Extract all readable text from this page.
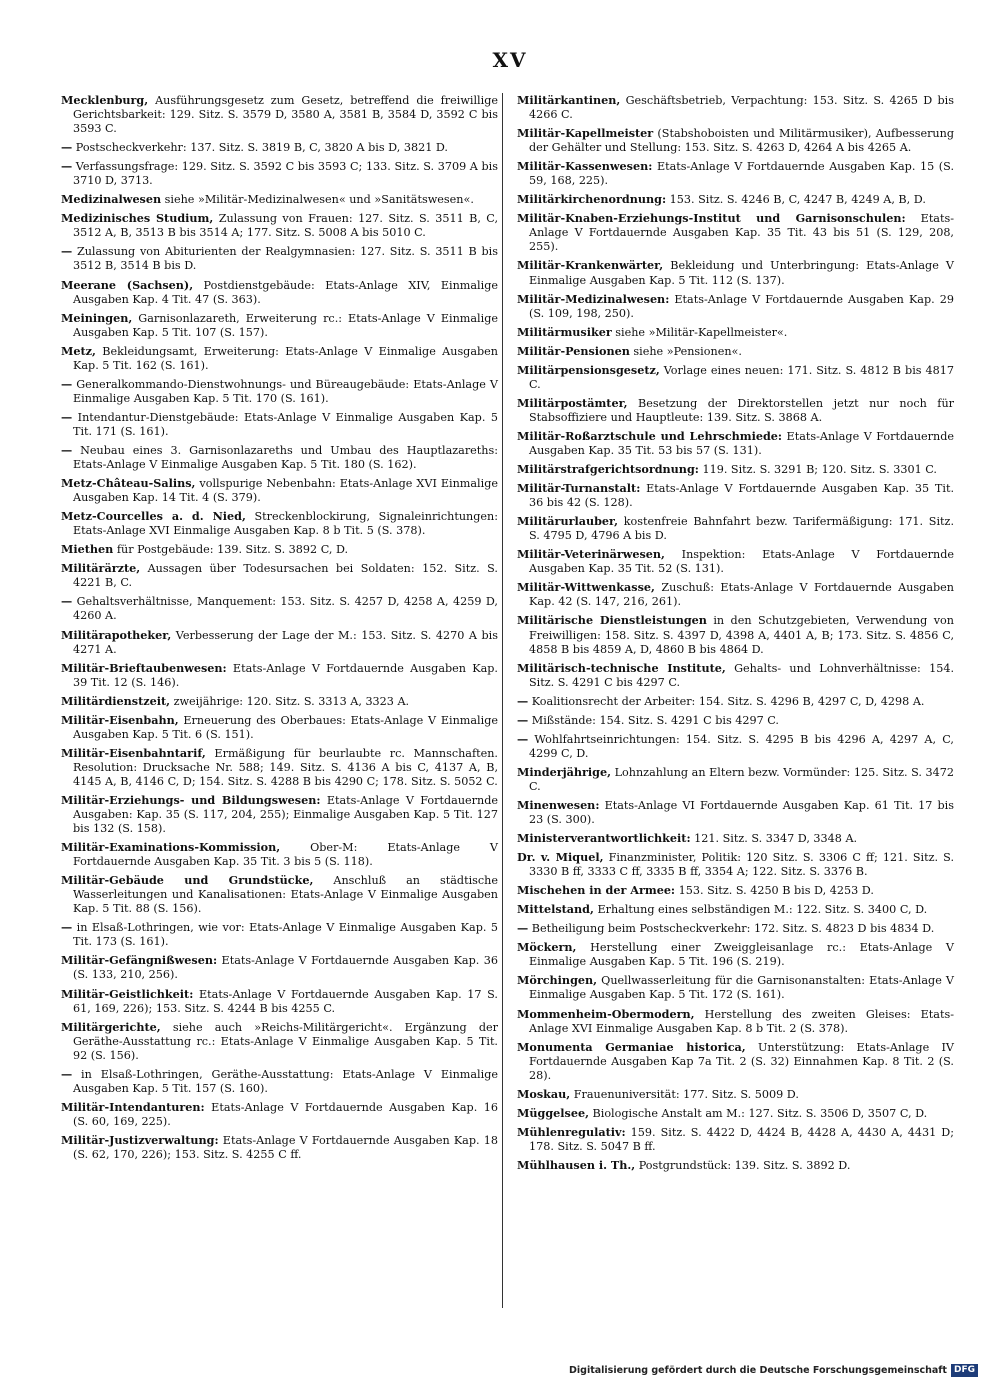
XV

Mecklenburg, Ausführungsgesetz zum Gesetz, betreffend die freiwillige Gerichtsbarkeit: 129. Sitz. S. 3579 D, 3580 A, 3581 B, 3584 D, 3592 C bis 3593 C.

— Postscheckverkehr: 137. Sitz. S. 3819 B, C, 3820 A bis D, 3821 D.

— Verfassungsfrage: 129. Sitz. S. 3592 C bis 3593 C; 133. Sitz. S. 3709 A bis 3710 D, 3713.

Medizinalwesen siehe »Militär-Medizinalwesen« und »Sanitätswesen«.

Medizinisches Studium, Zulassung von Frauen: 127. Sitz. S. 3511 B, C, 3512 A, B, 3513 B bis 3514 A; 177. Sitz. S. 5008 A bis 5010 C.

— Zulassung von Abiturienten der Realgymnasien: 127. Sitz. S. 3511 B bis 3512 B, 3514 B bis D.

Meerane (Sachsen), Postdienstgebäude: Etats-Anlage XIV, Einmalige Ausgaben Kap. 4 Tit. 47 (S. 363).

Meiningen, Garnisonlazareth, Erweiterung rc.: Etats-Anlage V Einmalige Ausgaben Kap. 5 Tit. 107 (S. 157).

Metz, Bekleidungsamt, Erweiterung: Etats-Anlage V Einmalige Ausgaben Kap. 5 Tit. 162 (S. 161).

— Generalkommando-Dienstwohnungs- und Büreaugebäude: Etats-Anlage V Einmalige Ausgaben Kap. 5 Tit. 170 (S. 161).

— Intendantur-Dienstgebäude: Etats-Anlage V Einmalige Ausgaben Kap. 5 Tit. 171 (S. 161).

— Neubau eines 3. Garnisonlazareths und Umbau des Hauptlazareths: Etats-Anlage V Einmalige Ausgaben Kap. 5 Tit. 180 (S. 162).

Metz-Château-Salins, vollspurige Nebenbahn: Etats-Anlage XVI Einmalige Ausgaben Kap. 14 Tit. 4 (S. 379).

Metz-Courcelles a. d. Nied, Streckenblockirung, Signaleinrichtungen: Etats-Anlage XVI Einmalige Ausgaben Kap. 8 b Tit. 5 (S. 378).

Miethen für Postgebäude: 139. Sitz. S. 3892 C, D.

Militärärzte, Aussagen über Todesursachen bei Soldaten: 152. Sitz. S. 4221 B, C.

— Gehaltsverhältnisse, Manquement: 153. Sitz. S. 4257 D, 4258 A, 4259 D, 4260 A.

Militärapotheker, Verbesserung der Lage der M.: 153. Sitz. S. 4270 A bis 4271 A.

Militär-Brieftaubenwesen: Etats-Anlage V Fortdauernde Ausgaben Kap. 39 Tit. 12 (S. 146).

Militärdienstzeit, zweijährige: 120. Sitz. S. 3313 A, 3323 A.

Militär-Eisenbahn, Erneuerung des Oberbaues: Etats-Anlage V Einmalige Ausgaben Kap. 5 Tit. 6 (S. 151).

Militär-Eisenbahntarif, Ermäßigung für beurlaubte rc. Mannschaften. Resolution: Drucksache Nr. 588; 149. Sitz. S. 4136 A bis C, 4137 A, B, 4145 A, B, 4146 C, D; 154. Sitz. S. 4288 B bis 4290 C; 178. Sitz. S. 5052 C.

Militär-Erziehungs- und Bildungswesen: Etats-Anlage V Fortdauernde Ausgaben: Kap. 35 (S. 117, 204, 255); Einmalige Ausgaben Kap. 5 Tit. 127 bis 132 (S. 158).

Militär-Examinations-Kommission, Ober-M: Etats-Anlage V Fortdauernde Ausgaben Kap. 35 Tit. 3 bis 5 (S. 118).

Militär-Gebäude und Grundstücke, Anschluß an städtische Wasserleitungen und Kanalisationen: Etats-Anlage V Einmalige Ausgaben Kap. 5 Tit. 88 (S. 156).

— in Elsaß-Lothringen, wie vor: Etats-Anlage V Einmalige Ausgaben Kap. 5 Tit. 173 (S. 161).

Militär-Gefängnißwesen: Etats-Anlage V Fortdauernde Ausgaben Kap. 36 (S. 133, 210, 256).

Militär-Geistlichkeit: Etats-Anlage V Fortdauernde Ausgaben Kap. 17 S. 61, 169, 226); 153. Sitz. S. 4244 B bis 4255 C.

Militärgerichte, siehe auch »Reichs-Militärgericht«. Ergänzung der Geräthe-Ausstattung rc.: Etats-Anlage V Einmalige Ausgaben Kap. 5 Tit. 92 (S. 156).

— in Elsaß-Lothringen, Geräthe-Ausstattung: Etats-Anlage V Einmalige Ausgaben Kap. 5 Tit. 157 (S. 160).

Militär-Intendanturen: Etats-Anlage V Fortdauernde Ausgaben Kap. 16 (S. 60, 169, 225).

Militär-Justizverwaltung: Etats-Anlage V Fortdauernde Ausgaben Kap. 18 (S. 62, 170, 226); 153. Sitz. S. 4255 C ff.

Militärkantinen, Geschäftsbetrieb, Verpachtung: 153. Sitz. S. 4265 D bis 4266 C.

Militär-Kapellmeister (Stabshoboisten und Militärmusiker), Aufbesserung der Gehälter und Stellung: 153. Sitz. S. 4263 D, 4264 A bis 4265 A.

Militär-Kassenwesen: Etats-Anlage V Fortdauernde Ausgaben Kap. 15 (S. 59, 168, 225).

Militärkirchenordnung: 153. Sitz. S. 4246 B, C, 4247 B, 4249 A, B, D.

Militär-Knaben-Erziehungs-Institut und Garnisonschulen: Etats-Anlage V Fortdauernde Ausgaben Kap. 35 Tit. 43 bis 51 (S. 129, 208, 255).

Militär-Krankenwärter, Bekleidung und Unterbringung: Etats-Anlage V Einmalige Ausgaben Kap. 5 Tit. 112 (S. 137).

Militär-Medizinalwesen: Etats-Anlage V Fortdauernde Ausgaben Kap. 29 (S. 109, 198, 250).

Militärmusiker siehe »Militär-Kapellmeister«.

Militär-Pensionen siehe »Pensionen«.

Militärpensionsgesetz, Vorlage eines neuen: 171. Sitz. S. 4812 B bis 4817 C.

Militärpostämter, Besetzung der Direktorstellen jetzt nur noch für Stabsoffiziere und Hauptleute: 139. Sitz. S. 3868 A.

Militär-Roßarztschule und Lehrschmiede: Etats-Anlage V Fortdauernde Ausgaben Kap. 35 Tit. 53 bis 57 (S. 131).

Militärstrafgerichtsordnung: 119. Sitz. S. 3291 B; 120. Sitz. S. 3301 C.

Militär-Turnanstalt: Etats-Anlage V Fortdauernde Ausgaben Kap. 35 Tit. 36 bis 42 (S. 128).

Militärurlauber, kostenfreie Bahnfahrt bezw. Tarifermäßigung: 171. Sitz. S. 4795 D, 4796 A bis D.

Militär-Veterinärwesen, Inspektion: Etats-Anlage V Fortdauernde Ausgaben Kap. 35 Tit. 52 (S. 131).

Militär-Wittwenkasse, Zuschuß: Etats-Anlage V Fortdauernde Ausgaben Kap. 42 (S. 147, 216, 261).

Militärische Dienstleistungen in den Schutzgebieten, Verwendung von Freiwilligen: 158. Sitz. S. 4397 D, 4398 A, 4401 A, B; 173. Sitz. S. 4856 C, 4858 B bis 4859 A, D, 4860 B bis 4864 D.

Militärisch-technische Institute, Gehalts- und Lohnverhältnisse: 154. Sitz. S. 4291 C bis 4297 C.

— Koalitionsrecht der Arbeiter: 154. Sitz. S. 4296 B, 4297 C, D, 4298 A.

— Mißstände: 154. Sitz. S. 4291 C bis 4297 C.

— Wohlfahrtseinrichtungen: 154. Sitz. S. 4295 B bis 4296 A, 4297 A, C, 4299 C, D.

Minderjährige, Lohnzahlung an Eltern bezw. Vormünder: 125. Sitz. S. 3472 C.

Minenwesen: Etats-Anlage VI Fortdauernde Ausgaben Kap. 61 Tit. 17 bis 23 (S. 300).

Ministerverantwortlichkeit: 121. Sitz. S. 3347 D, 3348 A.

Dr. v. Miquel, Finanzminister, Politik: 120 Sitz. S. 3306 C ff; 121. Sitz. S. 3330 B ff, 3333 C ff, 3335 B ff, 3354 A; 122. Sitz. S. 3376 B.

Mischehen in der Armee: 153. Sitz. S. 4250 B bis D, 4253 D.

Mittelstand, Erhaltung eines selbständigen M.: 122. Sitz. S. 3400 C, D.

— Betheiligung beim Postscheckverkehr: 172. Sitz. S. 4823 D bis 4834 D.

Möckern, Herstellung einer Zweiggleisanlage rc.: Etats-Anlage V Einmalige Ausgaben Kap. 5 Tit. 196 (S. 219).

Mörchingen, Quellwasserleitung für die Garnisonanstalten: Etats-Anlage V Einmalige Ausgaben Kap. 5 Tit. 172 (S. 161).

Mommenheim-Obermodern, Herstellung des zweiten Gleises: Etats-Anlage XVI Einmalige Ausgaben Kap. 8 b Tit. 2 (S. 378).

Monumenta Germaniae historica, Unterstützung: Etats-Anlage IV Fortdauernde Ausgaben Kap 7a Tit. 2 (S. 32) Einnahmen Kap. 8 Tit. 2 (S. 28).

Moskau, Frauenuniversität: 177. Sitz. S. 5009 D.

Müggelsee, Biologische Anstalt am M.: 127. Sitz. S. 3506 D, 3507 C, D.

Mühlenregulativ: 159. Sitz. S. 4422 D, 4424 B, 4428 A, 4430 A, 4431 D; 178. Sitz. S. 5047 B ff.

Mühlhausen i. Th., Postgrundstück: 139. Sitz. S. 3892 D.

Digitalisierung gefördert durch die Deutsche Forschungsgemeinschaft DFG
